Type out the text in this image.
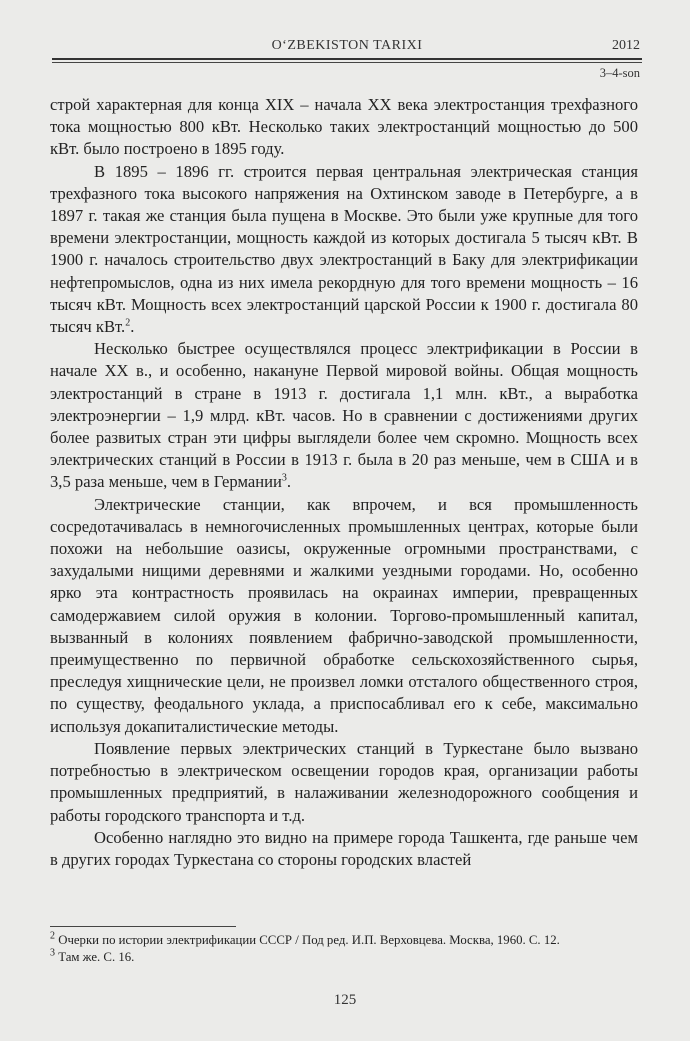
O‘ZBEKISTON TARIXI	2012
3–4-son

строй характерная для конца XIX – начала XX века электростанция трехфазного тока мощностью 800 кВт. Несколько таких электростанций мощностью до 500 кВт. было построено в 1895 году.

В 1895 – 1896 гг. строится первая центральная электрическая станция трехфазного тока высокого напряжения на Охтинском заводе в Петербурге, а в 1897 г. такая же станция была пущена в Москве. Это были уже крупные для того времени электростанции, мощность каждой из которых достигала 5 тысяч кВт. В 1900 г. началось строительство двух электростанций в Баку для электрификации нефтепромыслов, одна из них имела рекордную для того времени мощность – 16 тысяч кВт. Мощность всех электростанций царской России к 1900 г. достигала 80 тысяч кВт.$^2$.

Несколько быстрее осуществлялся процесс электрификации в России в начале XX в., и особенно, накануне Первой мировой войны. Общая мощность электростанций в стране в 1913 г. достигала 1,1 млн. кВт., а выработка электроэнергии – 1,9 млрд. кВт. часов. Но в сравнении с достижениями других более развитых стран эти цифры выглядели более чем скромно. Мощность всех электрических станций в России в 1913 г. была в 20 раз меньше, чем в США и в 3,5 раза меньше, чем в Германии$^3$.

Электрические станции, как впрочем, и вся промышленность сосредотачивалась в немногочисленных промышленных центрах, которые были похожи на небольшие оазисы, окруженные огромными пространствами, с захудалыми нищими деревнями и жалкими уездными городами. Но, особенно ярко эта контрастность проявилась на окраинах империи, превращенных самодержавием силой оружия в колонии. Торгово-промышленный капитал, вызванный в колониях появлением фабрично-заводской промышленности, преимущественно по первичной обработке сельскохозяйственного сырья, преследуя хищнические цели, не произвел ломки отсталого общественного строя, по существу, феодального уклада, а приспосабливал его к себе, максимально используя докапиталистические методы.

Появление первых электрических станций в Туркестане было вызвано потребностью в электрическом освещении городов края, организации работы промышленных предприятий, в налаживании железнодорожного сообщения и работы городского транспорта и т.д.

Особенно наглядно это видно на примере города Ташкента, где раньше чем в других городах Туркестана со стороны городских властей

$^2$ Очерки по истории электрификации СССР / Под ред. И.П. Верховцева. Москва, 1960. С. 12.
$^3$ Там же. С. 16.
125
